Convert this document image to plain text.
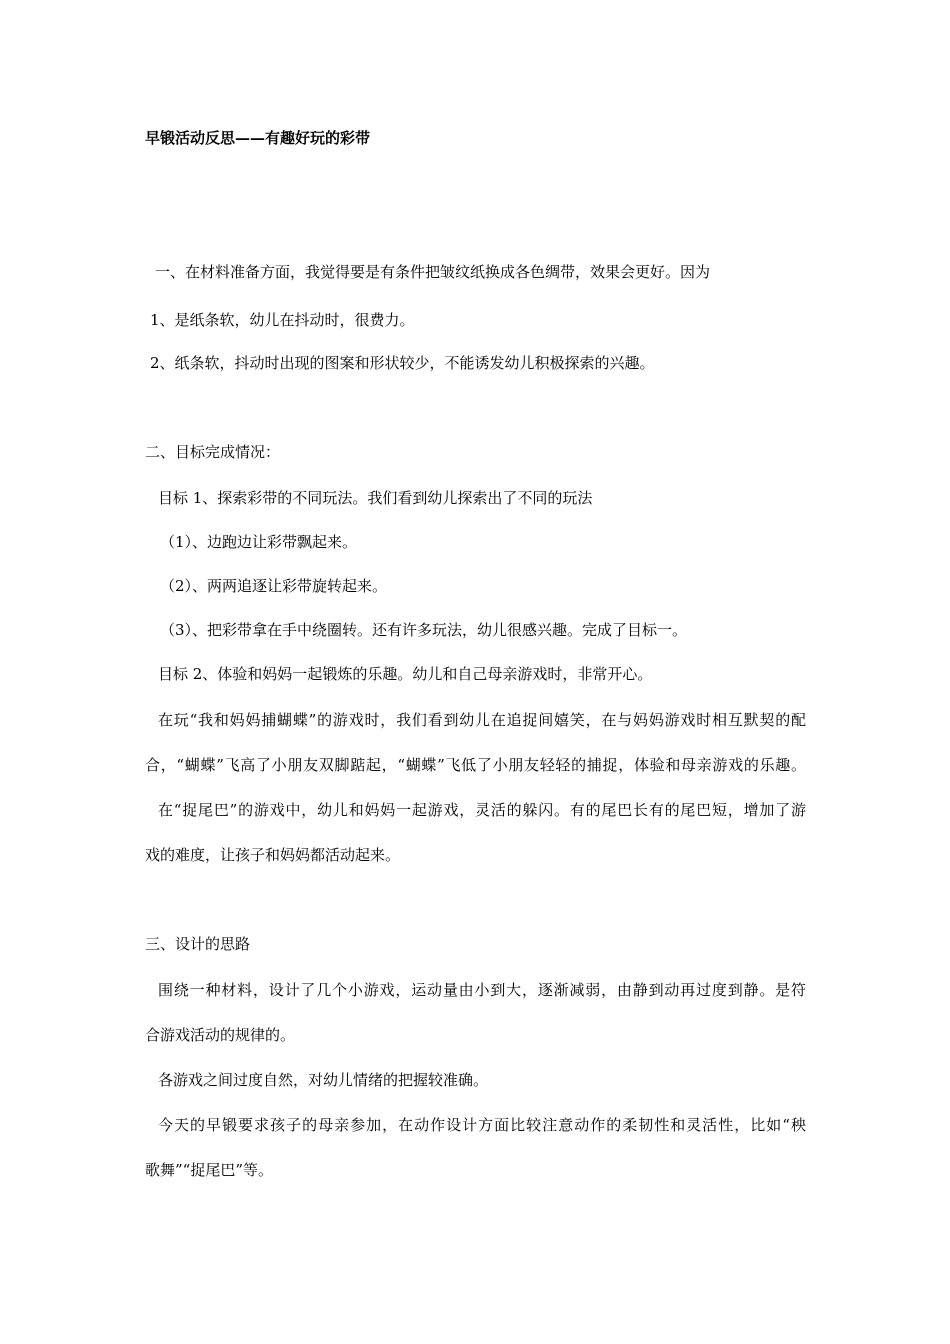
早锻活动反思——有趣好玩的彩带
一、在材料准备方面，我觉得要是有条件把皱纹纸换成各色绸带，效果会更好。因为
1、是纸条软，幼儿在抖动时，很费力。
2、纸条软，抖动时出现的图案和形状较少，不能诱发幼儿积极探索的兴趣。
二、目标完成情况：
目标 1、探索彩带的不同玩法。我们看到幼儿探索出了不同的玩法
（1）、边跑边让彩带飘起来。
（2）、两两追逐让彩带旋转起来。
（3）、把彩带拿在手中绕圈转。还有许多玩法，幼儿很感兴趣。完成了目标一。
目标 2、体验和妈妈一起锻炼的乐趣。幼儿和自己母亲游戏时，非常开心。
在玩“我和妈妈捕蝴蝶”的游戏时，我们看到幼儿在追捉间嬉笑，在与妈妈游戏时相互默契的配
合，“蝴蝶”飞高了小朋友双脚踮起，“蝴蝶”飞低了小朋友轻轻的捕捉，体验和母亲游戏的乐趣。
在“捉尾巴”的游戏中，幼儿和妈妈一起游戏，灵活的躲闪。有的尾巴长有的尾巴短，增加了游
戏的难度，让孩子和妈妈都活动起来。
三、设计的思路
围绕一种材料，设计了几个小游戏，运动量由小到大，逐渐减弱，由静到动再过度到静。是符
合游戏活动的规律的。
各游戏之间过度自然，对幼儿情绪的把握较准确。
今天的早锻要求孩子的母亲参加，在动作设计方面比较注意动作的柔韧性和灵活性，比如“秧
歌舞”“捉尾巴”等。
